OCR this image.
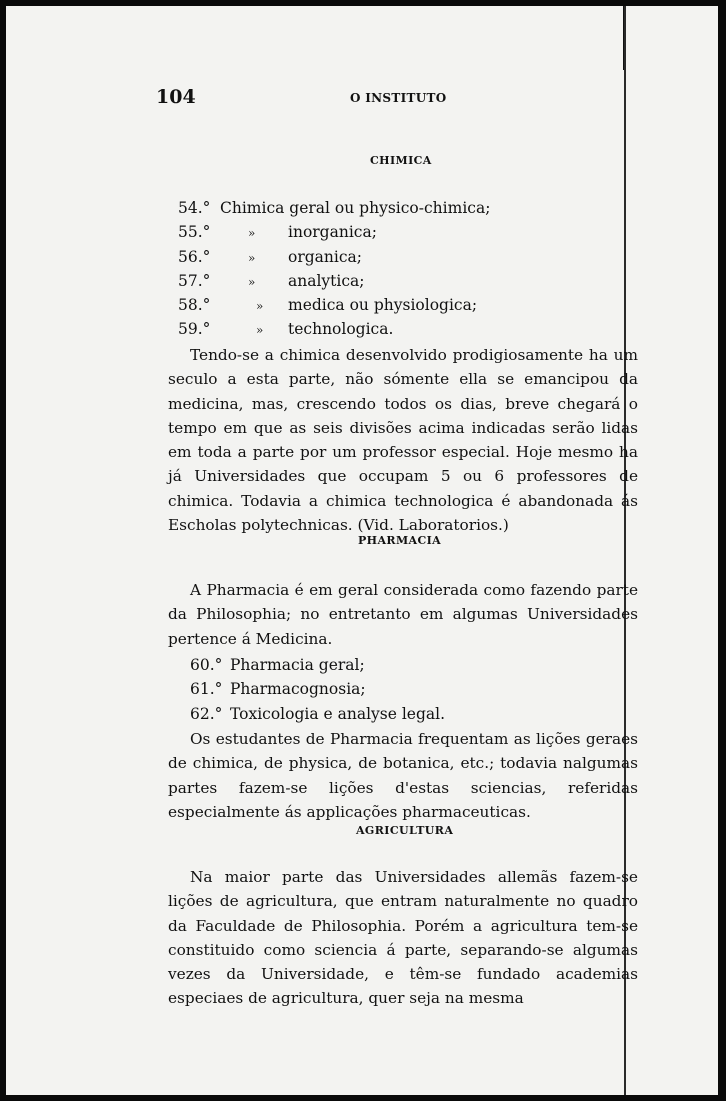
104	O INSTITUTO
CHIMICA
54.° Chimica geral ou physico-chimica;
55.°	» inorganica;
56.°	» organica;
57.°	» analytica;
58.°	» medica ou physiologica;
59.°	» technologica.

Tendo-se a chimica desenvolvido prodigiosamente ha um seculo a esta parte, não sómente ella se emancipou da medicina, mas, crescendo todos os dias, breve chegará o tempo em que as seis divisões acima indicadas serão lidas em toda a parte por um professor especial. Hoje mesmo ha já Universidades que occupam 5 ou 6 professores de chimica. Todavia a chimica technologica é abandonada ás Escholas polytechnicas. (Vid. Laboratorios.)

PHARMACIA

A Pharmacia é em geral considerada como fazendo parte da Philosophia; no entretanto em algumas Universidades pertence á Medicina.

60.° Pharmacia geral;
61.° Pharmacognosia;
62.° Toxicologia e analyse legal.

Os estudantes de Pharmacia frequentam as lições geraes de chimica, de physica, de botanica, etc.; todavia nalgumas partes fazem-se lições d'estas sciencias, referidas especialmente ás applicações pharmaceuticas.

AGRICULTURA

Na maior parte das Universidades allemãs fazem-se lições de agricultura, que entram naturalmente no quadro da Faculdade de Philosophia. Porém a agricultura tem-se constituido como sciencia á parte, separando-se algumas vezes da Universidade, e têm-se fundado academias especiaes de agricultura, quer seja na mesma
